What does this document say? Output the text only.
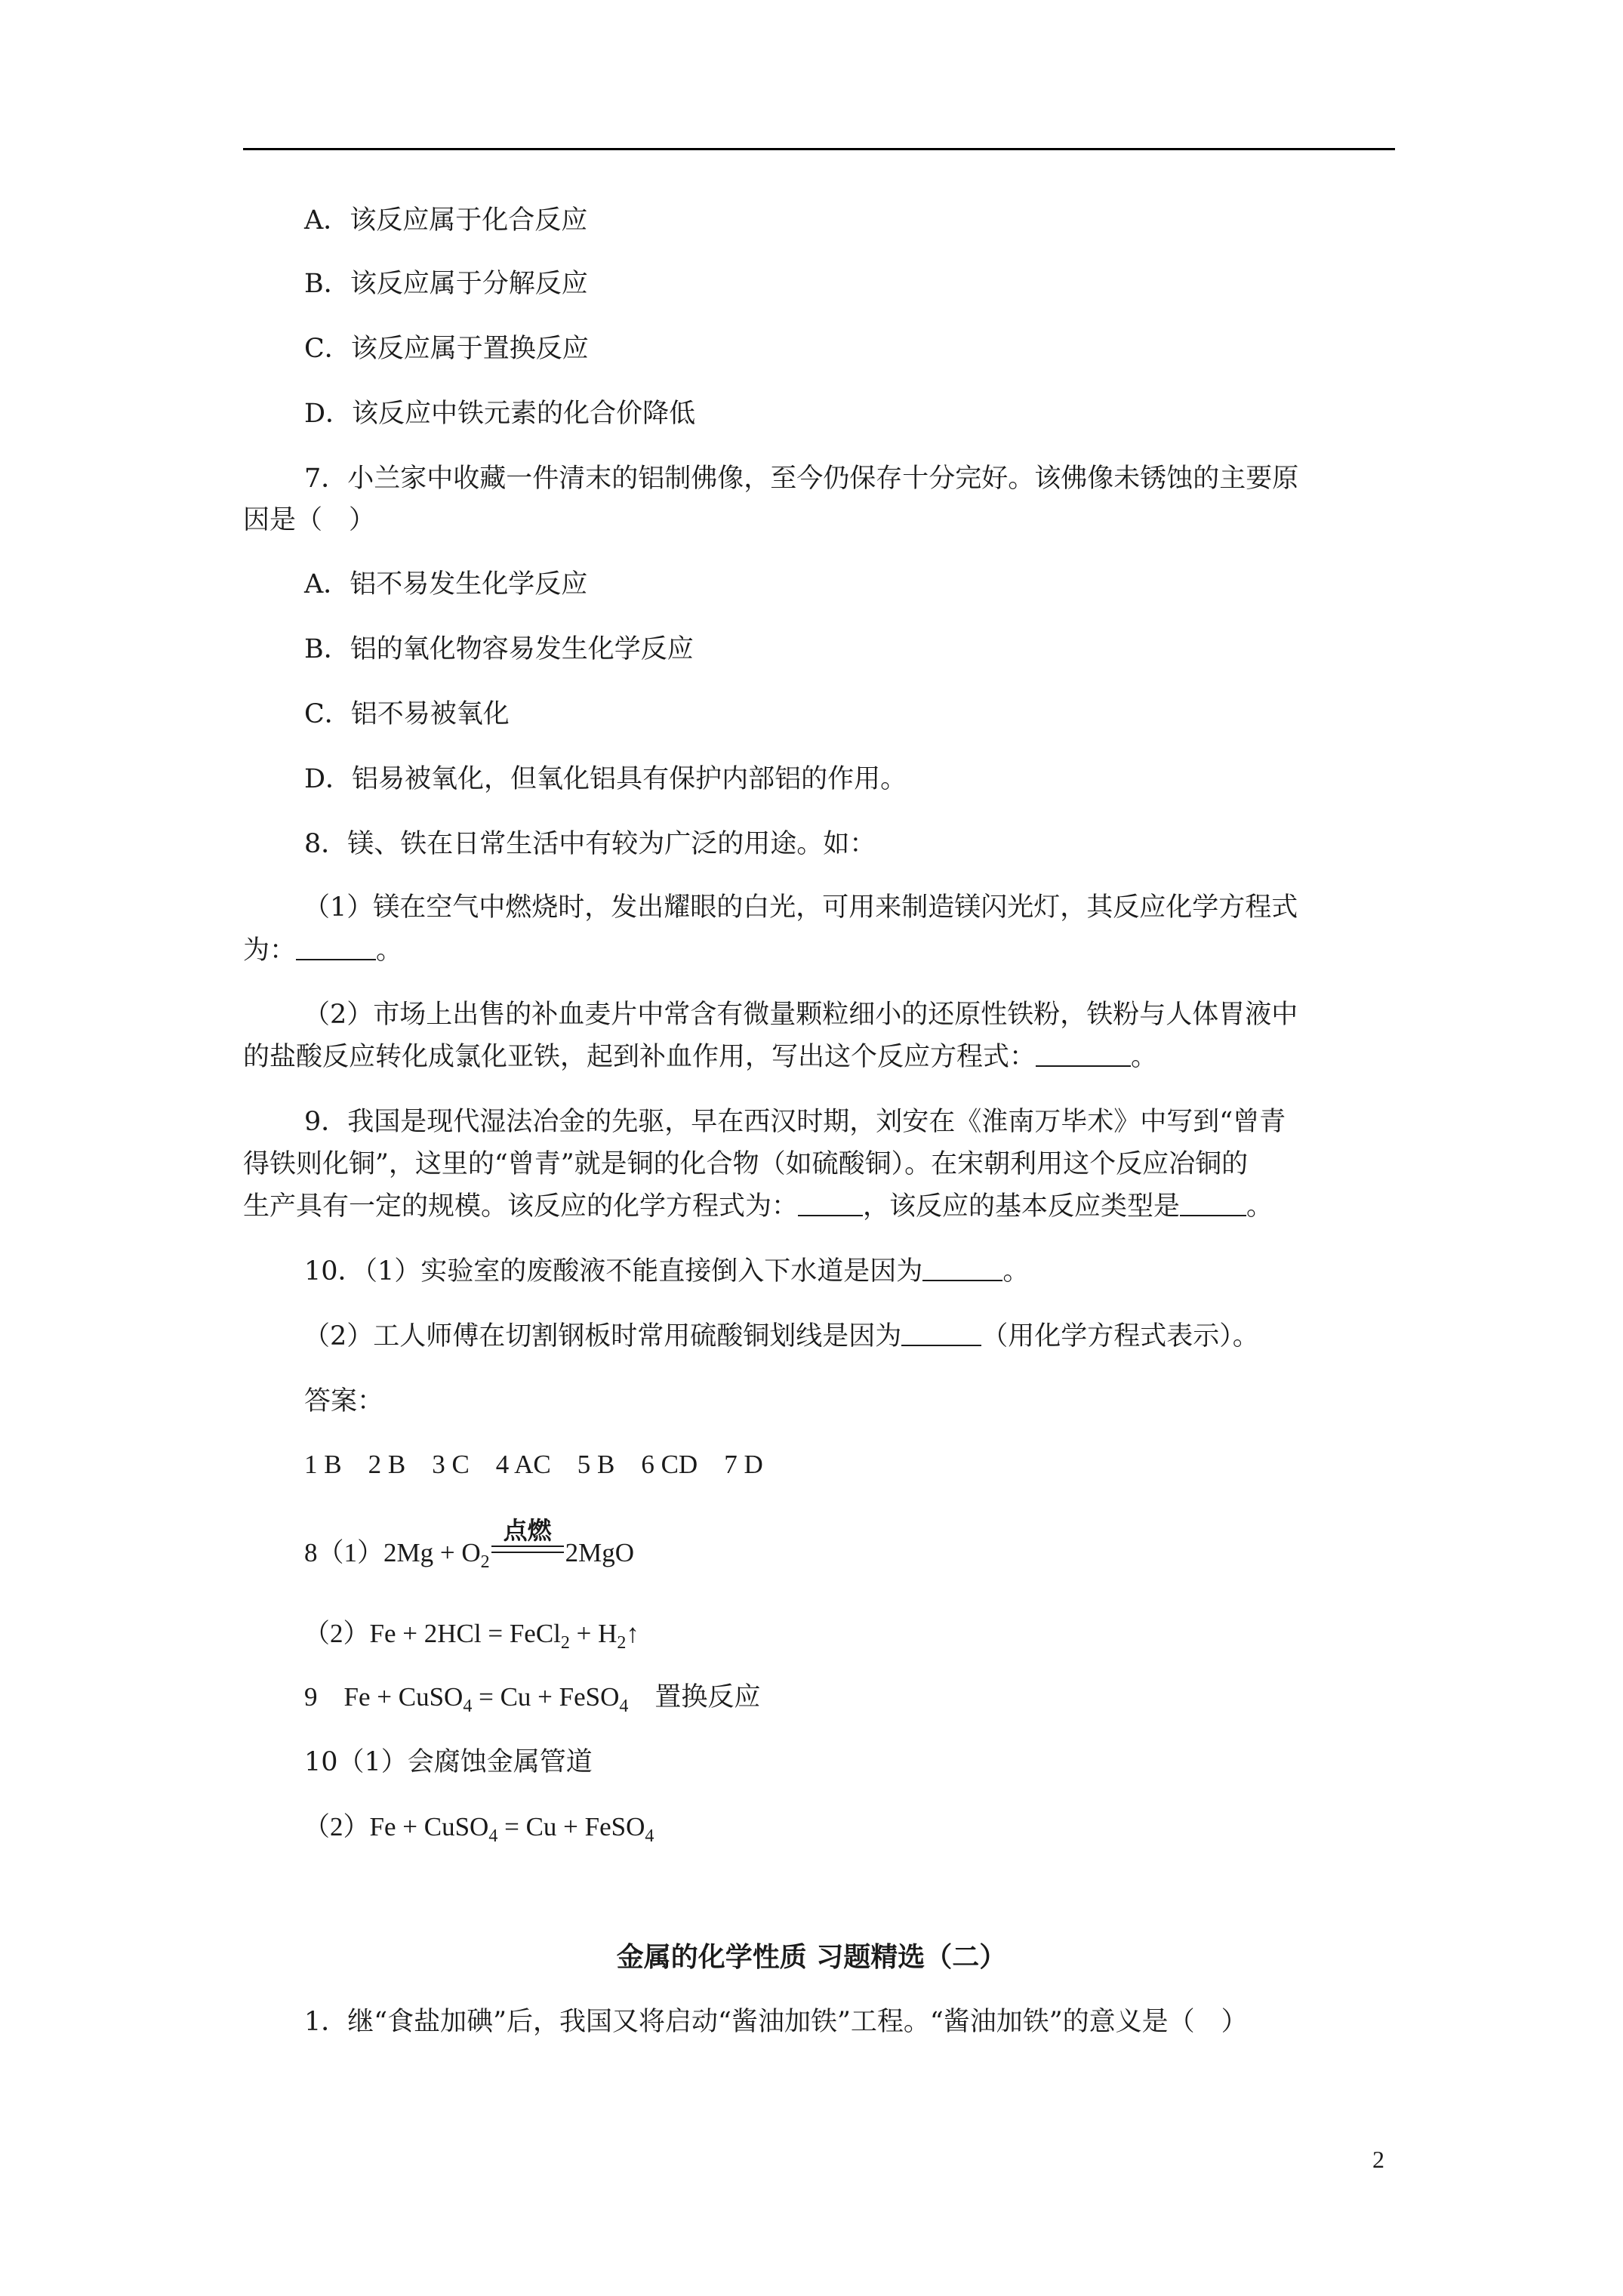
A．该反应属于化合反应
B．该反应属于分解反应
C．该反应属于置换反应
D．该反应中铁元素的化合价降低
7．小兰家中收藏一件清末的铝制佛像，至今仍保存十分完好。该佛像未锈蚀的主要原
因是（　）
A．铝不易发生化学反应
B．铝的氧化物容易发生化学反应
C．铝不易被氧化
D．铝易被氧化，但氧化铝具有保护内部铝的作用。
8．镁、铁在日常生活中有较为广泛的用途。如：
（1）镁在空气中燃烧时，发出耀眼的白光，可用来制造镁闪光灯，其反应化学方程式
为：	。
（2）市场上出售的补血麦片中常含有微量颗粒细小的还原性铁粉，铁粉与人体胃液中
的盐酸反应转化成氯化亚铁，起到补血作用，写出这个反应方程式：	。
9．我国是现代湿法冶金的先驱，早在西汉时期，刘安在《淮南万毕术》中写到“曾青
得铁则化铜”，这里的“曾青”就是铜的化合物（如硫酸铜）。在宋朝利用这个反应冶铜的
生产具有一定的规模。该反应的化学方程式为： ，该反应的基本反应类型是	。
10．（1）实验室的废酸液不能直接倒入下水道是因为	。
（2）工人师傅在切割钢板时常用硫酸铜划线是因为	（用化学方程式表示）。
答案：
1 B　2 B　3 C　4 AC　5 B　6 CD　7 D
$8(1)2Mg + O_2$
点燃
2MgO
（2）Fe + 2HCl = FeCl$_2$ + $H_2↑$
9　Fe + CuSO$_4$ = Cu + FeSO$_4$　置换反应
10（1）会腐蚀金属管道
（2）Fe + CuSO$_4$ = Cu + FeSO$_4$
金属的化学性质 习题精选（二）
1．继“食盐加碘”后，我国又将启动“酱油加铁”工程。“酱油加铁”的意义是（　）
2
